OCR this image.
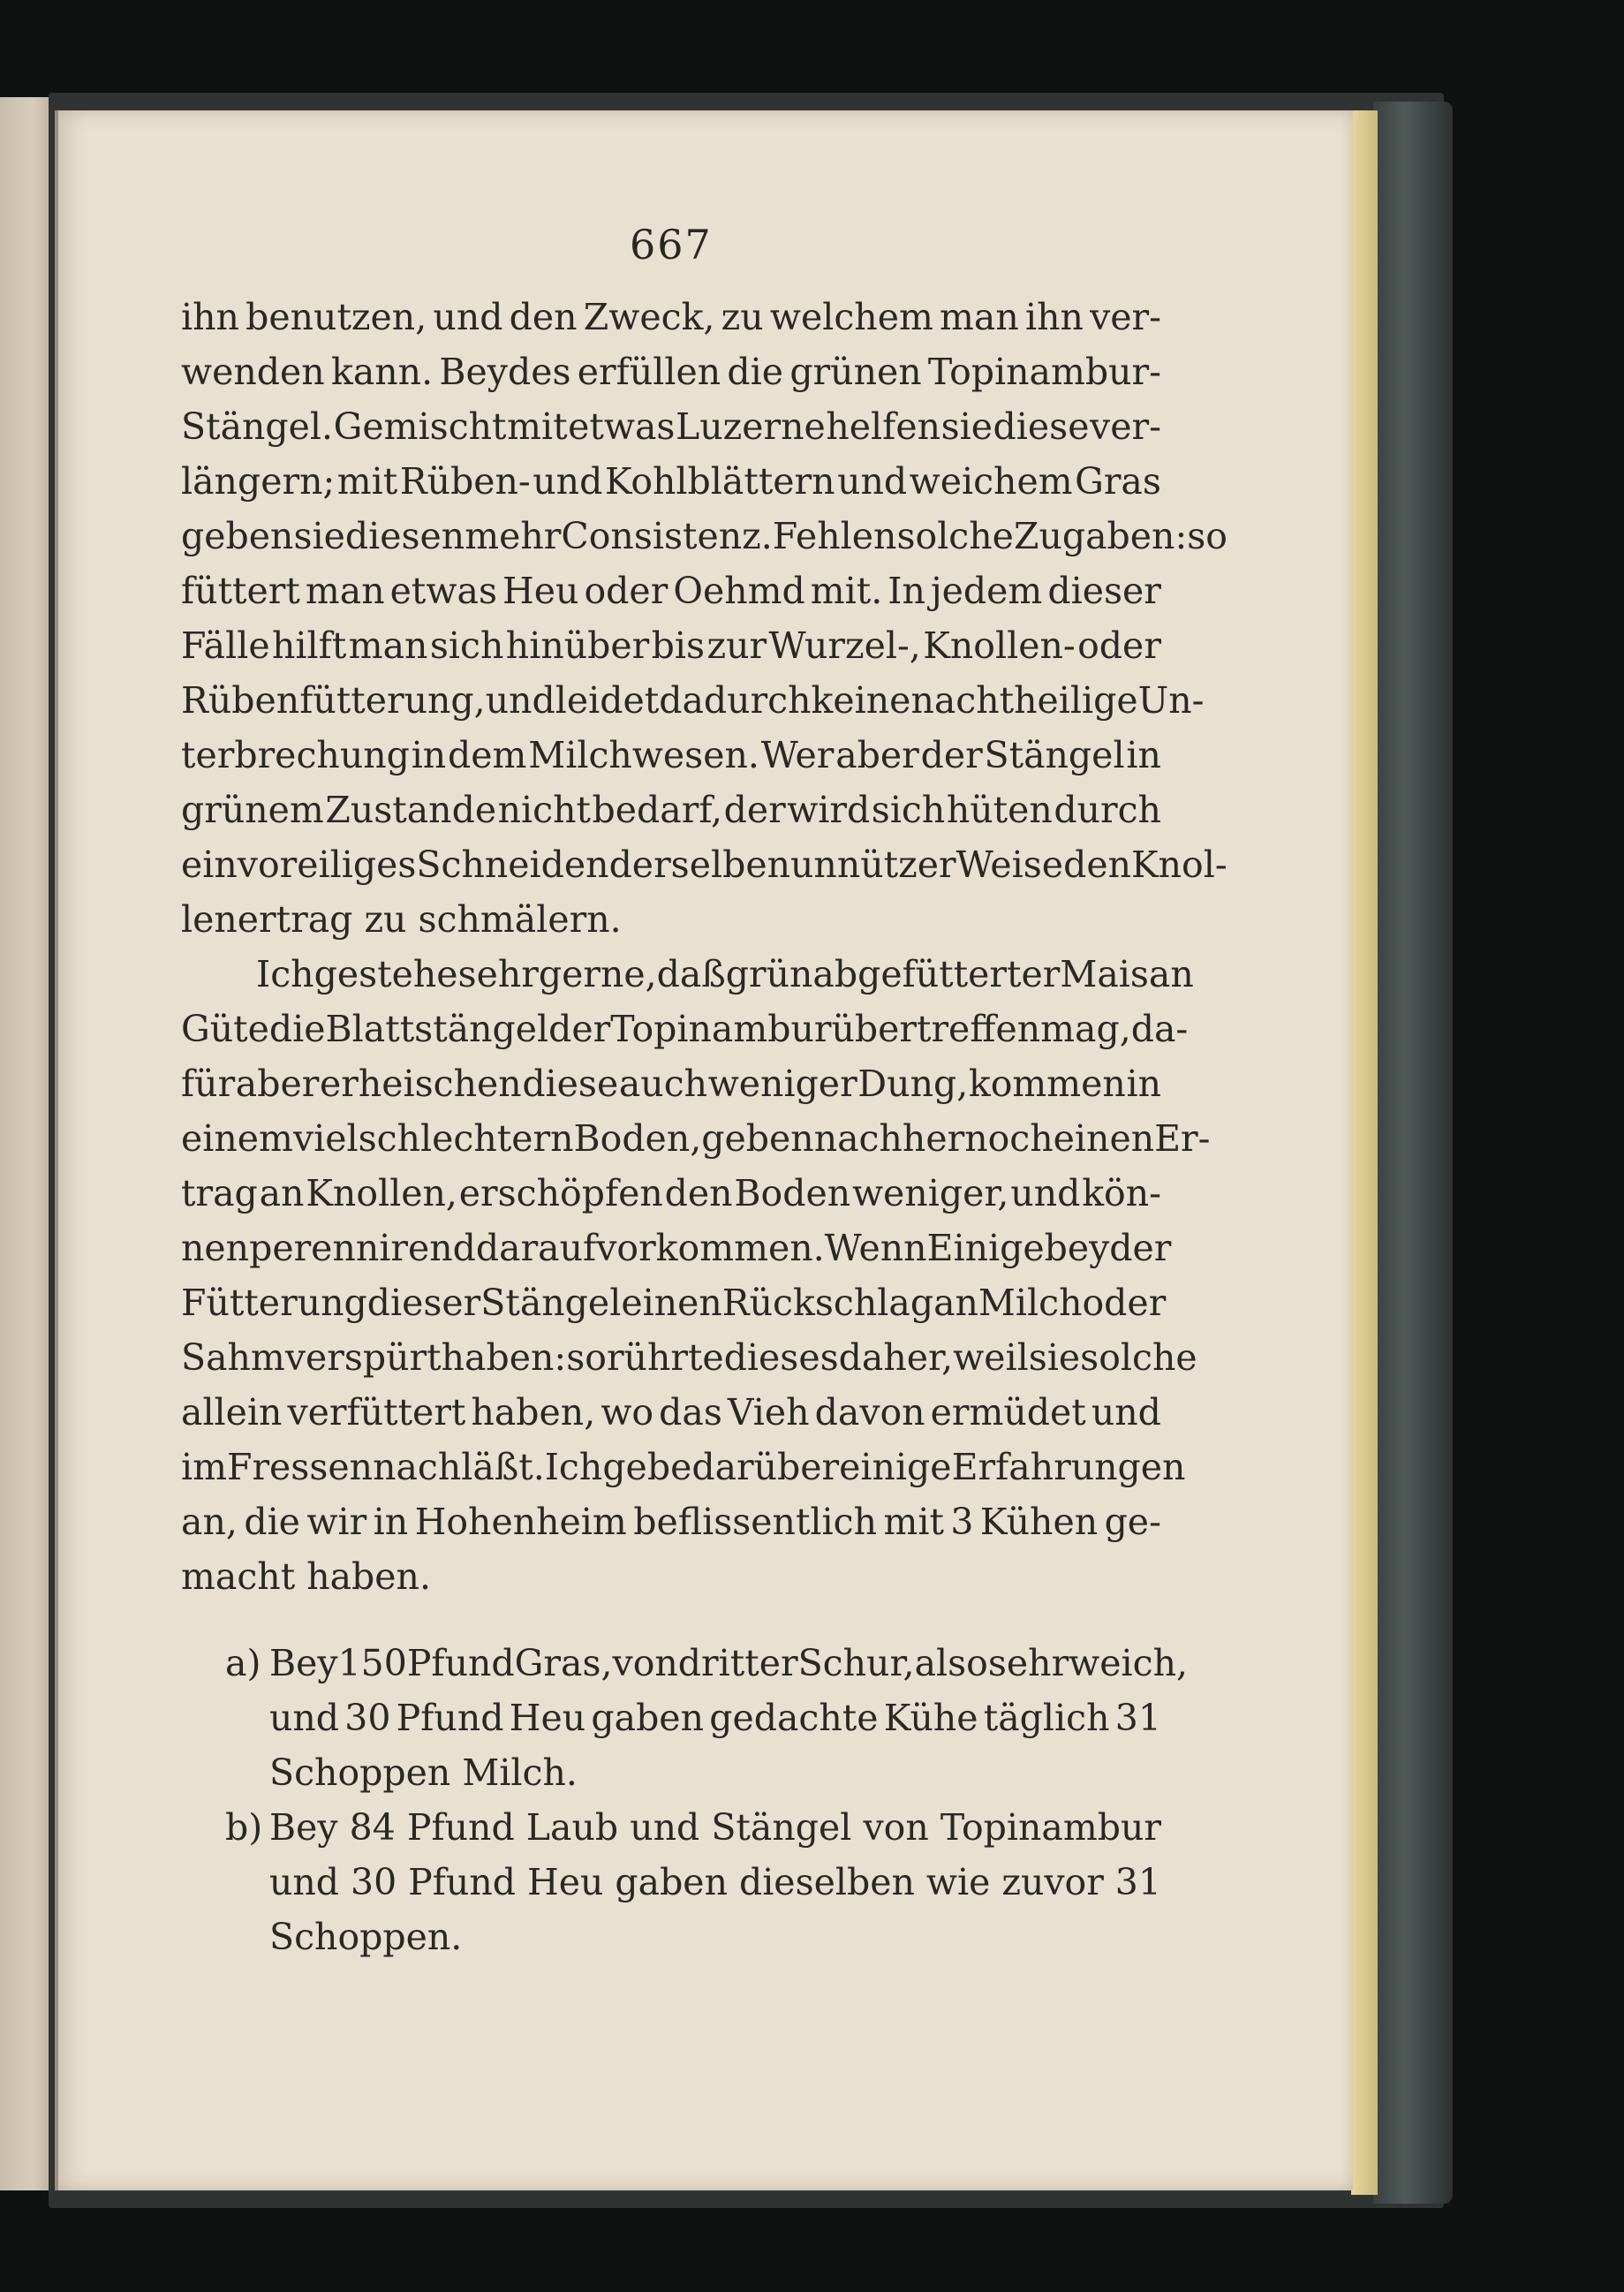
667
ihn benutzen, und den Zweck, zu welchem man ihn ver-
wenden kann. Beydes erfüllen die grünen Topinambur-
Stängel. Gemischt mit etwas Luzerne helfen sie diese ver-
längern; mit Rüben- und Kohlblättern und weichem Gras
geben sie diesen mehr Consistenz. Fehlen solche Zugaben: so
füttert man etwas Heu oder Oehmd mit. In jedem dieser
Fälle hilft man sich hinüber bis zur Wurzel-, Knollen- oder
Rübenfütterung, und leidet dadurch keine nachtheilige Un-
terbrechung in dem Milchwesen. Wer aber der Stängel in
grünem Zustande nicht bedarf, der wird sich hüten durch
ein voreiliges Schneiden derselben unnützer Weise den Knol-
lenertrag zu schmälern.
Ich gestehe sehr gerne, daß grünabgefütterter Mais an
Güte die Blattstängel der Topinambur übertreffen mag, da-
für aber erheischen diese auch weniger Dung, kommen in
einem viel schlechtern Boden, geben nachher noch einen Er-
trag an Knollen, erschöpfen den Boden weniger, und kön-
nen perennirend darauf vorkommen. Wenn Einige bey der
Fütterung dieser Stängel einen Rückschlag an Milch oder
Sahm verspürt haben: so rührte dieses daher, weil sie solche
allein verfüttert haben, wo das Vieh davon ermüdet und
im Fressen nachläßt. Ich gebe darüber einige Erfahrungen
an, die wir in Hohenheim beflissentlich mit 3 Kühen ge-
macht haben.
a) Bey 150 Pfund Gras, von dritter Schur, also sehr weich,
und 30 Pfund Heu gaben gedachte Kühe täglich 31
Schoppen Milch.
b) Bey 84 Pfund Laub und Stängel von Topinambur
und 30 Pfund Heu gaben dieselben wie zuvor 31
Schoppen.
